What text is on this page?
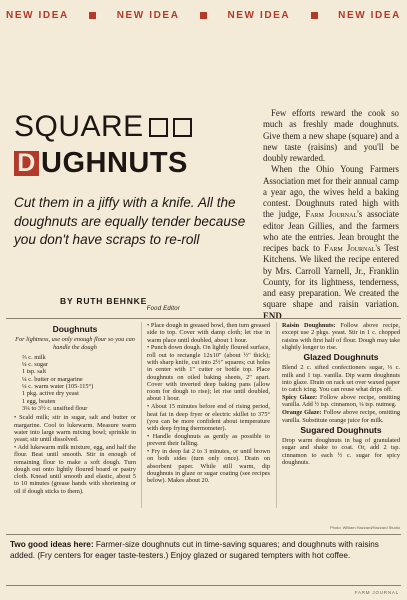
NEW IDEA	NEW IDEA	NEW IDEA	NEW IDEA
SQUARE
D UGHNUTS
Cut them in a jiffy with a knife. All the doughnuts are equally tender because you don't have scraps to re-roll
BY RUTH BEHNKE
Food Editor

Few efforts reward the cook so much as freshly made doughnuts. Give them a new shape (square) and a new taste (raisins) and you'll be doubly rewarded.

When the Ohio Young Farmers Association met for their annual camp a year ago, the wives held a baking contest. Doughnuts rated high with the judge, Farm Journal's associate editor Jean Gillies, and the farmers who ate the entries. Jean brought the recipes back to Farm Journal's Test Kitchens. We liked the recipe entered by Mrs. Carroll Yarnell, Jr., Franklin County, for its lightness, tenderness, and easy preparation. We created the square shape and raisin variation. END

Doughnuts

For lightness, use only enough flour so you can handle the dough

⅔ c. milk
¼ c. sugar
1 tsp. salt
¼ c. butter or margarine
¼ c. warm water (105-115°)
1 pkg. active dry yeast
1 egg, beaten
3¼ to 3½ c. unsifted flour

• Scald milk; stir in sugar, salt and butter or margarine. Cool to lukewarm. Measure warm water into large warm mixing bowl; sprinkle in yeast; stir until dissolved.

• Add lukewarm milk mixture, egg, and half the flour. Beat until smooth. Stir in enough of remaining flour to make a soft dough. Turn dough out onto lightly floured board or pastry cloth. Knead until smooth and elastic, about 5 to 10 minutes (grease hands with shortening or oil if dough sticks to them).

• Place dough in greased bowl, then turn greased side to top. Cover with damp cloth; let rise in warm place until doubled, about 1 hour.

• Punch down dough. On lightly floured surface, roll out to rectangle 12x10" (about ½" thick); with sharp knife, cut into 2½" squares; cut holes in center with 1" cutter or bottle top. Place doughnuts on oiled baking sheets, 2" apart. Cover with inverted deep baking pans (allow room for dough to rise); let rise until doubled, about 1 hour.

• About 15 minutes before end of rising period, heat fat in deep fryer or electric skillet to 375° (you can be more confident about temperature with deep frying thermometer).

• Handle doughnuts as gently as possible to prevent their falling.

• Fry in deep fat 2 to 3 minutes, or until brown on both sides (turn only once). Drain on absorbent paper. While still warm, dip doughnuts in glaze or sugar coating (see recipes below). Makes about 20.

Raisin Doughnuts: Follow above recipe, except use 2 pkgs. yeast. Stir in 1 c. chopped raisins with first half of flour. Dough may take slightly longer to rise.

Glazed Doughnuts

Blend 2 c. sifted confectioners sugar, ⅓ c. milk and 1 tsp. vanilla. Dip warm doughnuts into glaze. Drain on rack set over waxed paper to catch icing. You can reuse what drips off.

Spicy Glaze: Follow above recipe, omitting vanilla. Add ½ tsp. cinnamon, ¼ tsp. nutmeg.

Orange Glaze: Follow above recipe, omitting vanilla. Substitute orange juice for milk.

Sugared Doughnuts

Drop warm doughnuts in bag of granulated sugar and shake to coat. Or, add 2 tsp. cinnamon to each ½ c. sugar for spicy doughnuts.

Photo: William Hazzard/Hazzard Studio
Two good ideas here: Farmer-size doughnuts cut in time-saving squares; and doughnuts with raisins added. (Fry centers for eager taste-testers.) Enjoy glazed or sugared tempters with hot coffee.
FARM JOURNAL
